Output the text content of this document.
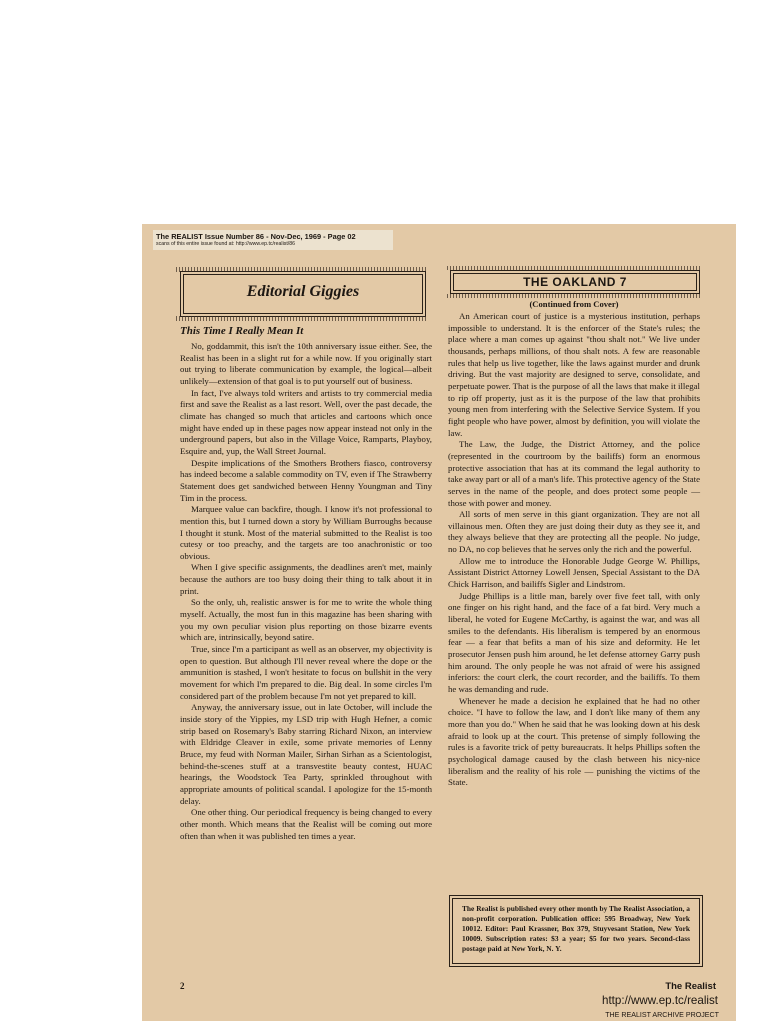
The REALIST Issue Number 86 - Nov-Dec, 1969 - Page 02
scans of this entire issue found at: http://www.ep.tc/realist/86
Editorial Giggies
This Time I Really Mean It

No, goddammit, this isn't the 10th anniversary issue either. See, the Realist has been in a slight rut for a while now. If you originally start out trying to liberate communication by example, the logical—albeit unlikely—extension of that goal is to put yourself out of business.

In fact, I've always told writers and artists to try commercial media first and save the Realist as a last resort. Well, over the past decade, the climate has changed so much that articles and cartoons which once might have ended up in these pages now appear instead not only in the underground papers, but also in the Village Voice, Ramparts, Playboy, Esquire and, yup, the Wall Street Journal.

Despite implications of the Smothers Brothers fiasco, controversy has indeed become a salable commodity on TV, even if The Strawberry Statement does get sandwiched between Henny Youngman and Tiny Tim in the process.

Marquee value can backfire, though. I know it's not professional to mention this, but I turned down a story by William Burroughs because I thought it stunk. Most of the material submitted to the Realist is too cutesy or too preachy, and the targets are too anachronistic or too obvious.

When I give specific assignments, the deadlines aren't met, mainly because the authors are too busy doing their thing to talk about it in print.

So the only, uh, realistic answer is for me to write the whole thing myself. Actually, the most fun in this magazine has been sharing with you my own peculiar vision plus reporting on those bizarre events which are, intrinsically, beyond satire.

True, since I'm a participant as well as an observer, my objectivity is open to question. But although I'll never reveal where the dope or the ammunition is stashed, I won't hesitate to focus on bullshit in the very movement for which I'm prepared to die. Big deal. In some circles I'm considered part of the problem because I'm not yet prepared to kill.

Anyway, the anniversary issue, out in late October, will include the inside story of the Yippies, my LSD trip with Hugh Hefner, a comic strip based on Rosemary's Baby starring Richard Nixon, an interview with Eldridge Cleaver in exile, some private memories of Lenny Bruce, my feud with Norman Mailer, Sirhan Sirhan as a Scientologist, behind-the-scenes stuff at a transvestite beauty contest, HUAC hearings, the Woodstock Tea Party, sprinkled throughout with appropriate amounts of political scandal. I apologize for the 15-month delay.

One other thing. Our periodical frequency is being changed to every other month. Which means that the Realist will be coming out more often than when it was published ten times a year.

THE OAKLAND 7
(Continued from Cover)

An American court of justice is a mysterious institution, perhaps impossible to understand. It is the enforcer of the State's rules; the place where a man comes up against "thou shalt not." We live under thousands, perhaps millions, of thou shalt nots. A few are reasonable rules that help us live together, like the laws against murder and drunk driving. But the vast majority are designed to serve, consolidate, and perpetuate power. That is the purpose of all the laws that make it illegal to rip off property, just as it is the purpose of the law that prohibits young men from interfering with the Selective Service System. If you fight people who have power, almost by definition, you will violate the law.

The Law, the Judge, the District Attorney, and the police (represented in the courtroom by the bailiffs) form an enormous protective association that has at its command the legal authority to take away part or all of a man's life. This protective agency of the State serves in the name of the people, and does protect some people — those with power and money.

All sorts of men serve in this giant organization. They are not all villainous men. Often they are just doing their duty as they see it, and they always believe that they are protecting all the people. No judge, no DA, no cop believes that he serves only the rich and the powerful.

Allow me to introduce the Honorable Judge George W. Phillips, Assistant District Attorney Lowell Jensen, Special Assistant to the DA Chick Harrison, and bailiffs Sigler and Lindstrom.

Judge Phillips is a little man, barely over five feet tall, with only one finger on his right hand, and the face of a fat bird. Very much a liberal, he voted for Eugene McCarthy, is against the war, and was all smiles to the defendants. His liberalism is tempered by an enormous fear — a fear that befits a man of his size and deformity. He let prosecutor Jensen push him around, he let defense attorney Garry push him around. The only people he was not afraid of were his assigned inferiors: the court clerk, the court recorder, and the bailiffs. To them he was demanding and rude.

Whenever he made a decision he explained that he had no other choice. "I have to follow the law, and I don't like many of them any more than you do." When he said that he was looking down at his desk afraid to look up at the court. This pretense of simply following the rules is a favorite trick of petty bureaucrats. It helps Phillips soften the psychological damage caused by the clash between his nicy-nice liberalism and the reality of his role — punishing the victims of the State.

The Realist is published every other month by The Realist Association, a non-profit corporation. Publication office: 595 Broadway, New York 10012. Editor: Paul Krassner, Box 379, Stuyvesant Station, New York 10009. Subscription rates: $3 a year; $5 for two years. Second-class postage paid at New York, N. Y.
2	The Realist
http://www.ep.tc/realist
THE REALIST ARCHIVE PROJECT
